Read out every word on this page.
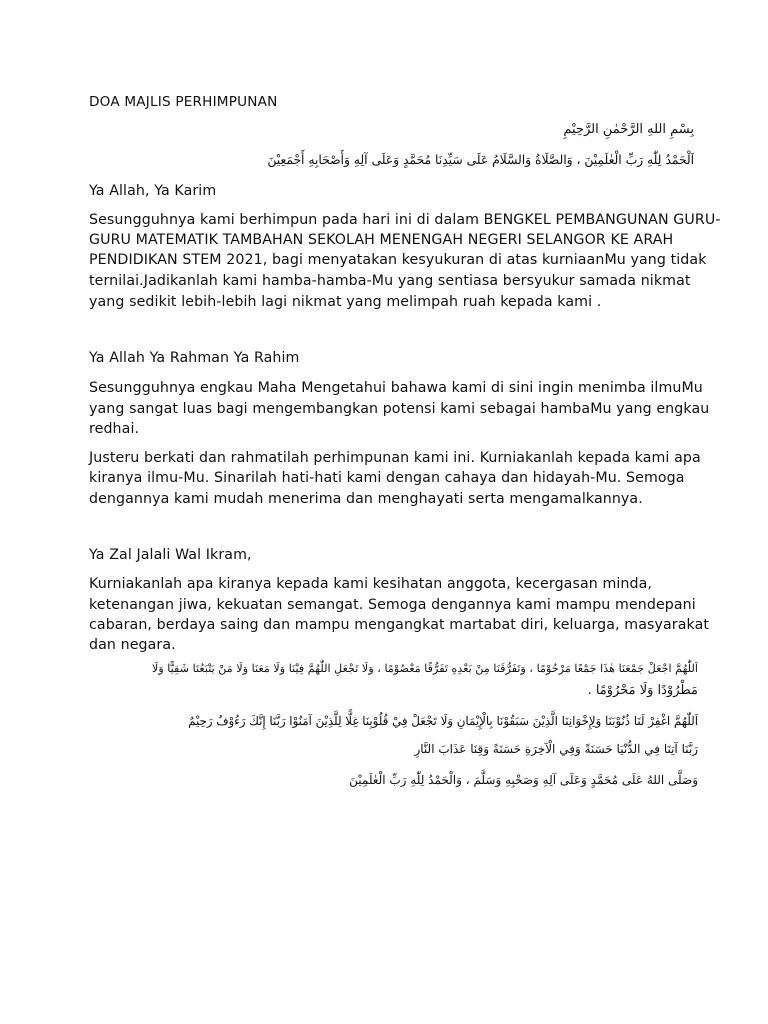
DOA MAJLIS PERHIMPUNAN
بِسْمِ اللهِ الرَّحْمٰنِ الرَّحِيْمِ
اَلْحَمْدُ لِلّٰهِ رَبِّ الْعٰلَمِيْنَ ، وَالصَّلَاةُ وَالسَّلَامُ عَلَى سَيِّدِنَا مُحَمَّدٍ وَعَلَى آلِهِ وَأَصْحَابِهِ أَجْمَعِيْنَ
Ya Allah, Ya Karim
Sesungguhnya kami berhimpun pada hari ini di dalam BENGKEL PEMBANGUNAN GURU-
GURU MATEMATIK TAMBAHAN SEKOLAH MENENGAH NEGERI SELANGOR KE ARAH
PENDIDIKAN STEM 2021, bagi menyatakan kesyukuran di atas kurniaanMu yang tidak
ternilai.Jadikanlah kami hamba-hamba-Mu yang sentiasa bersyukur samada nikmat
yang sedikit lebih-lebih lagi nikmat yang melimpah ruah kepada kami .
Ya Allah Ya Rahman Ya Rahim
Sesungguhnya engkau Maha Mengetahui bahawa kami di sini ingin menimba ilmuMu
yang sangat luas bagi mengembangkan potensi kami sebagai hambaMu yang engkau
redhai.
Justeru berkati dan rahmatilah perhimpunan kami ini. Kurniakanlah kepada kami apa
kiranya ilmu-Mu. Sinarilah hati-hati kami dengan cahaya dan hidayah-Mu. Semoga
dengannya kami mudah menerima dan menghayati serta mengamalkannya.
Ya Zal Jalali Wal Ikram,
Kurniakanlah apa kiranya kepada kami kesihatan anggota, kecergasan minda,
ketenangan jiwa, kekuatan semangat. Semoga dengannya kami mampu mendepani
cabaran, berdaya saing dan mampu mengangkat martabat diri, keluarga, masyarakat
dan negara.
اَللّٰهُمَّ اجْعَلْ جَمْعَنَا هٰذَا جَمْعًا مَرْحُوْمًا ، وَتَفَرُّقَنَا مِنْ بَعْدِهِ تَفَرُّقًا مَعْصُوْمًا ، وَلَا تَجْعَلِ اللّٰهُمَّ فِيْنَا وَلَا مَعَنَا وَلَا مَنْ يَتْبَعُنَا شَقِيًّا وَلَا
مَطْرُوْدًا وَلَا مَحْرُوْمًا .
اَللّٰهُمَّ اغْفِرْ لَنَا ذُنُوْبَنَا وَلِإِخْوَانِنَا الَّذِيْنَ سَبَقُوْنَا بِالْإِيْمَانِ وَلَا تَجْعَلْ فِيْ قُلُوْبِنَا غِلًّا لِلَّذِيْنَ آمَنُوْا رَبَّنَا إِنَّكَ رَءُوْفٌ رَحِيْمٌ
رَبَّنَا آتِنَا فِي الدُّنْيَا حَسَنَةً وَفِي الْآخِرَةِ حَسَنَةً وَقِنَا عَذَابَ النَّارِ
وَصَلَّى اللهُ عَلَى مُحَمَّدٍ وَعَلَى آلِهِ وَصَحْبِهِ وَسَلَّمَ ، وَالْحَمْدُ لِلّٰهِ رَبِّ الْعٰلَمِيْنَ
